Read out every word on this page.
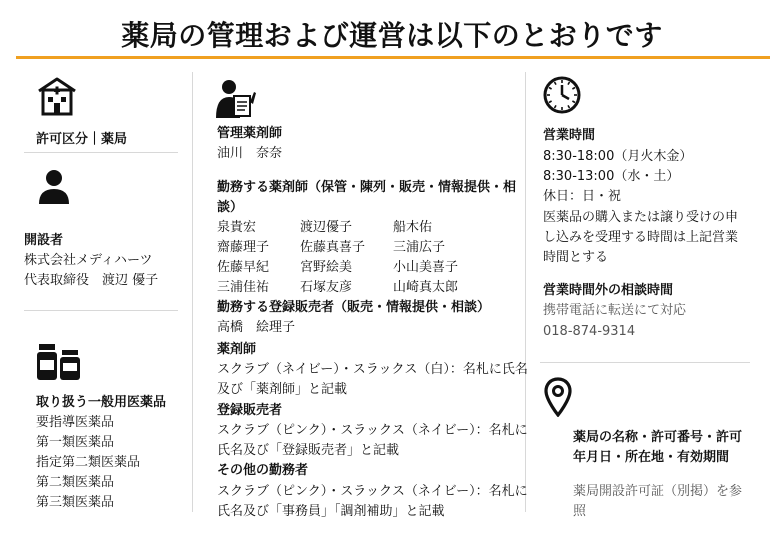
薬局の管理および運営は以下のとおりです
許可区分｜薬局
開設者
株式会社メディハーツ
代表取締役　渡辺 優子
取り扱う一般用医薬品
要指導医薬品
第一類医薬品
指定第二類医薬品
第二類医薬品
第三類医薬品
管理薬剤師
油川　奈奈
勤務する薬剤師（保管・陳列・販売・情報提供・相
談）
泉貴宏	渡辺優子	船木佑
齋藤理子 佐藤真喜子 三浦広子
佐藤早紀 宮野絵美	小山美喜子
三浦佳祐 石塚友彦	山崎真太郎
勤務する登録販売者（販売・情報提供・相談）
高橋　絵理子
薬剤師
スクラブ（ネイビー）・スラックス（白）：名札に氏名
及び「薬剤師」と記載
登録販売者
スクラブ（ピンク）・スラックス（ネイビー）：名札に
氏名及び「登録販売者」と記載
その他の勤務者
スクラブ（ピンク）・スラックス（ネイビー）：名札に
氏名及び「事務員」「調剤補助」と記載
営業時間
8:30-18:00（月火木金）
8:30-13:00（水・土）
休日：日・祝
医薬品の購入または譲り受けの申
し込みを受理する時間は上記営業
時間とする
営業時間外の相談時間
携帯電話に転送にて対応
018-874-9314
薬局の名称・許可番号・許可
年月日・所在地・有効期間
薬局開設許可証（別掲）を参
照
